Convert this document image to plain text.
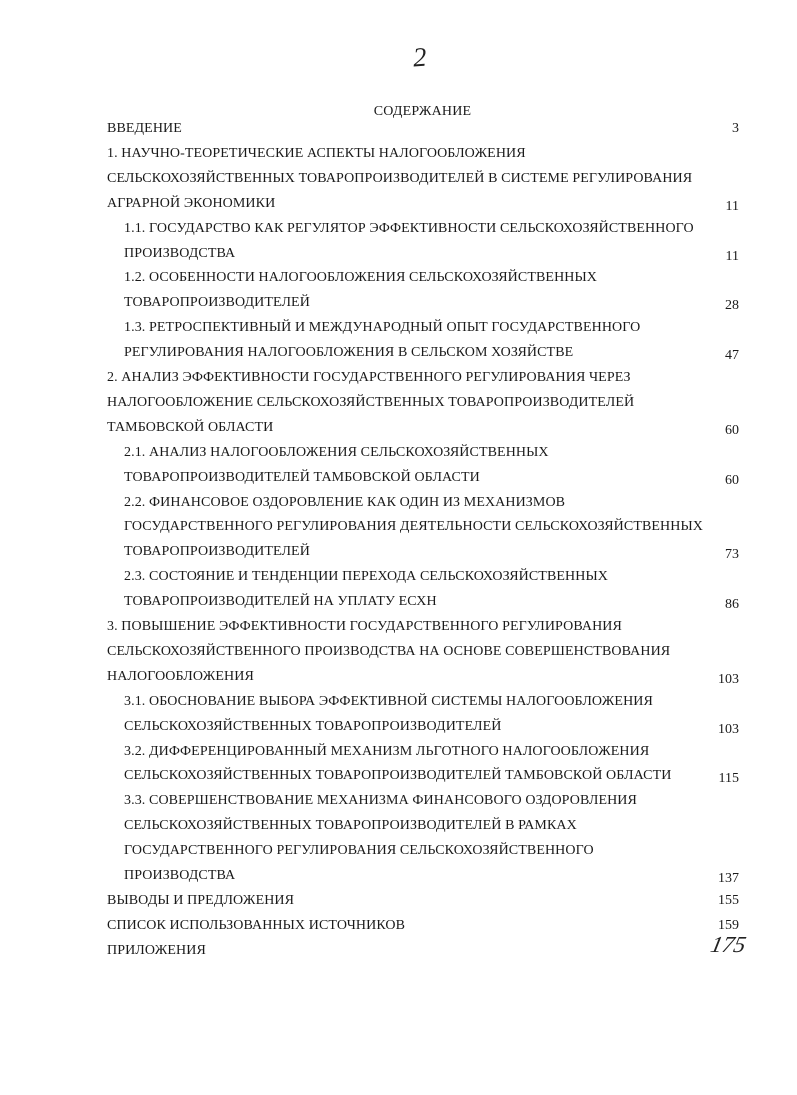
2
СОДЕРЖАНИЕ
ВВЕДЕНИЕ	3
1. НАУЧНО-ТЕОРЕТИЧЕСКИЕ АСПЕКТЫ НАЛОГООБЛОЖЕНИЯ
СЕЛЬСКОХОЗЯЙСТВЕННЫХ ТОВАРОПРОИЗВОДИТЕЛЕЙ В СИСТЕМЕ РЕГУЛИРОВАНИЯ
АГРАРНОЙ ЭКОНОМИКИ	11
1.1. ГОСУДАРСТВО КАК РЕГУЛЯТОР ЭФФЕКТИВНОСТИ СЕЛЬСКОХОЗЯЙСТВЕННОГО
ПРОИЗВОДСТВА	11
1.2. ОСОБЕННОСТИ НАЛОГООБЛОЖЕНИЯ СЕЛЬСКОХОЗЯЙСТВЕННЫХ
ТОВАРОПРОИЗВОДИТЕЛЕЙ	28
1.3. РЕТРОСПЕКТИВНЫЙ И МЕЖДУНАРОДНЫЙ ОПЫТ ГОСУДАРСТВЕННОГО
РЕГУЛИРОВАНИЯ НАЛОГООБЛОЖЕНИЯ В СЕЛЬСКОМ ХОЗЯЙСТВЕ	47
2. АНАЛИЗ ЭФФЕКТИВНОСТИ ГОСУДАРСТВЕННОГО РЕГУЛИРОВАНИЯ ЧЕРЕЗ
НАЛОГООБЛОЖЕНИЕ СЕЛЬСКОХОЗЯЙСТВЕННЫХ ТОВАРОПРОИЗВОДИТЕЛЕЙ
ТАМБОВСКОЙ ОБЛАСТИ	60
2.1. АНАЛИЗ НАЛОГООБЛОЖЕНИЯ СЕЛЬСКОХОЗЯЙСТВЕННЫХ
ТОВАРОПРОИЗВОДИТЕЛЕЙ ТАМБОВСКОЙ ОБЛАСТИ	60
2.2. ФИНАНСОВОЕ ОЗДОРОВЛЕНИЕ КАК ОДИН ИЗ МЕХАНИЗМОВ
ГОСУДАРСТВЕННОГО РЕГУЛИРОВАНИЯ ДЕЯТЕЛЬНОСТИ СЕЛЬСКОХОЗЯЙСТВЕННЫХ
ТОВАРОПРОИЗВОДИТЕЛЕЙ	73
2.3. СОСТОЯНИЕ И ТЕНДЕНЦИИ ПЕРЕХОДА СЕЛЬСКОХОЗЯЙСТВЕННЫХ
ТОВАРОПРОИЗВОДИТЕЛЕЙ НА УПЛАТУ ЕСХН	86
3. ПОВЫШЕНИЕ ЭФФЕКТИВНОСТИ ГОСУДАРСТВЕННОГО РЕГУЛИРОВАНИЯ
СЕЛЬСКОХОЗЯЙСТВЕННОГО ПРОИЗВОДСТВА НА ОСНОВЕ СОВЕРШЕНСТВОВАНИЯ
НАЛОГООБЛОЖЕНИЯ	103
3.1. ОБОСНОВАНИЕ ВЫБОРА ЭФФЕКТИВНОЙ СИСТЕМЫ НАЛОГООБЛОЖЕНИЯ
СЕЛЬСКОХОЗЯЙСТВЕННЫХ ТОВАРОПРОИЗВОДИТЕЛЕЙ	103
3.2. ДИФФЕРЕНЦИРОВАННЫЙ МЕХАНИЗМ ЛЬГОТНОГО НАЛОГООБЛОЖЕНИЯ
СЕЛЬСКОХОЗЯЙСТВЕННЫХ ТОВАРОПРОИЗВОДИТЕЛЕЙ ТАМБОВСКОЙ ОБЛАСТИ	115
3.3. СОВЕРШЕНСТВОВАНИЕ МЕХАНИЗМА ФИНАНСОВОГО ОЗДОРОВЛЕНИЯ
СЕЛЬСКОХОЗЯЙСТВЕННЫХ ТОВАРОПРОИЗВОДИТЕЛЕЙ В РАМКАХ
ГОСУДАРСТВЕННОГО РЕГУЛИРОВАНИЯ СЕЛЬСКОХОЗЯЙСТВЕННОГО
ПРОИЗВОДСТВА	137
ВЫВОДЫ И ПРЕДЛОЖЕНИЯ	155
СПИСОК ИСПОЛЬЗОВАННЫХ ИСТОЧНИКОВ	159
ПРИЛОЖЕНИЯ	175
